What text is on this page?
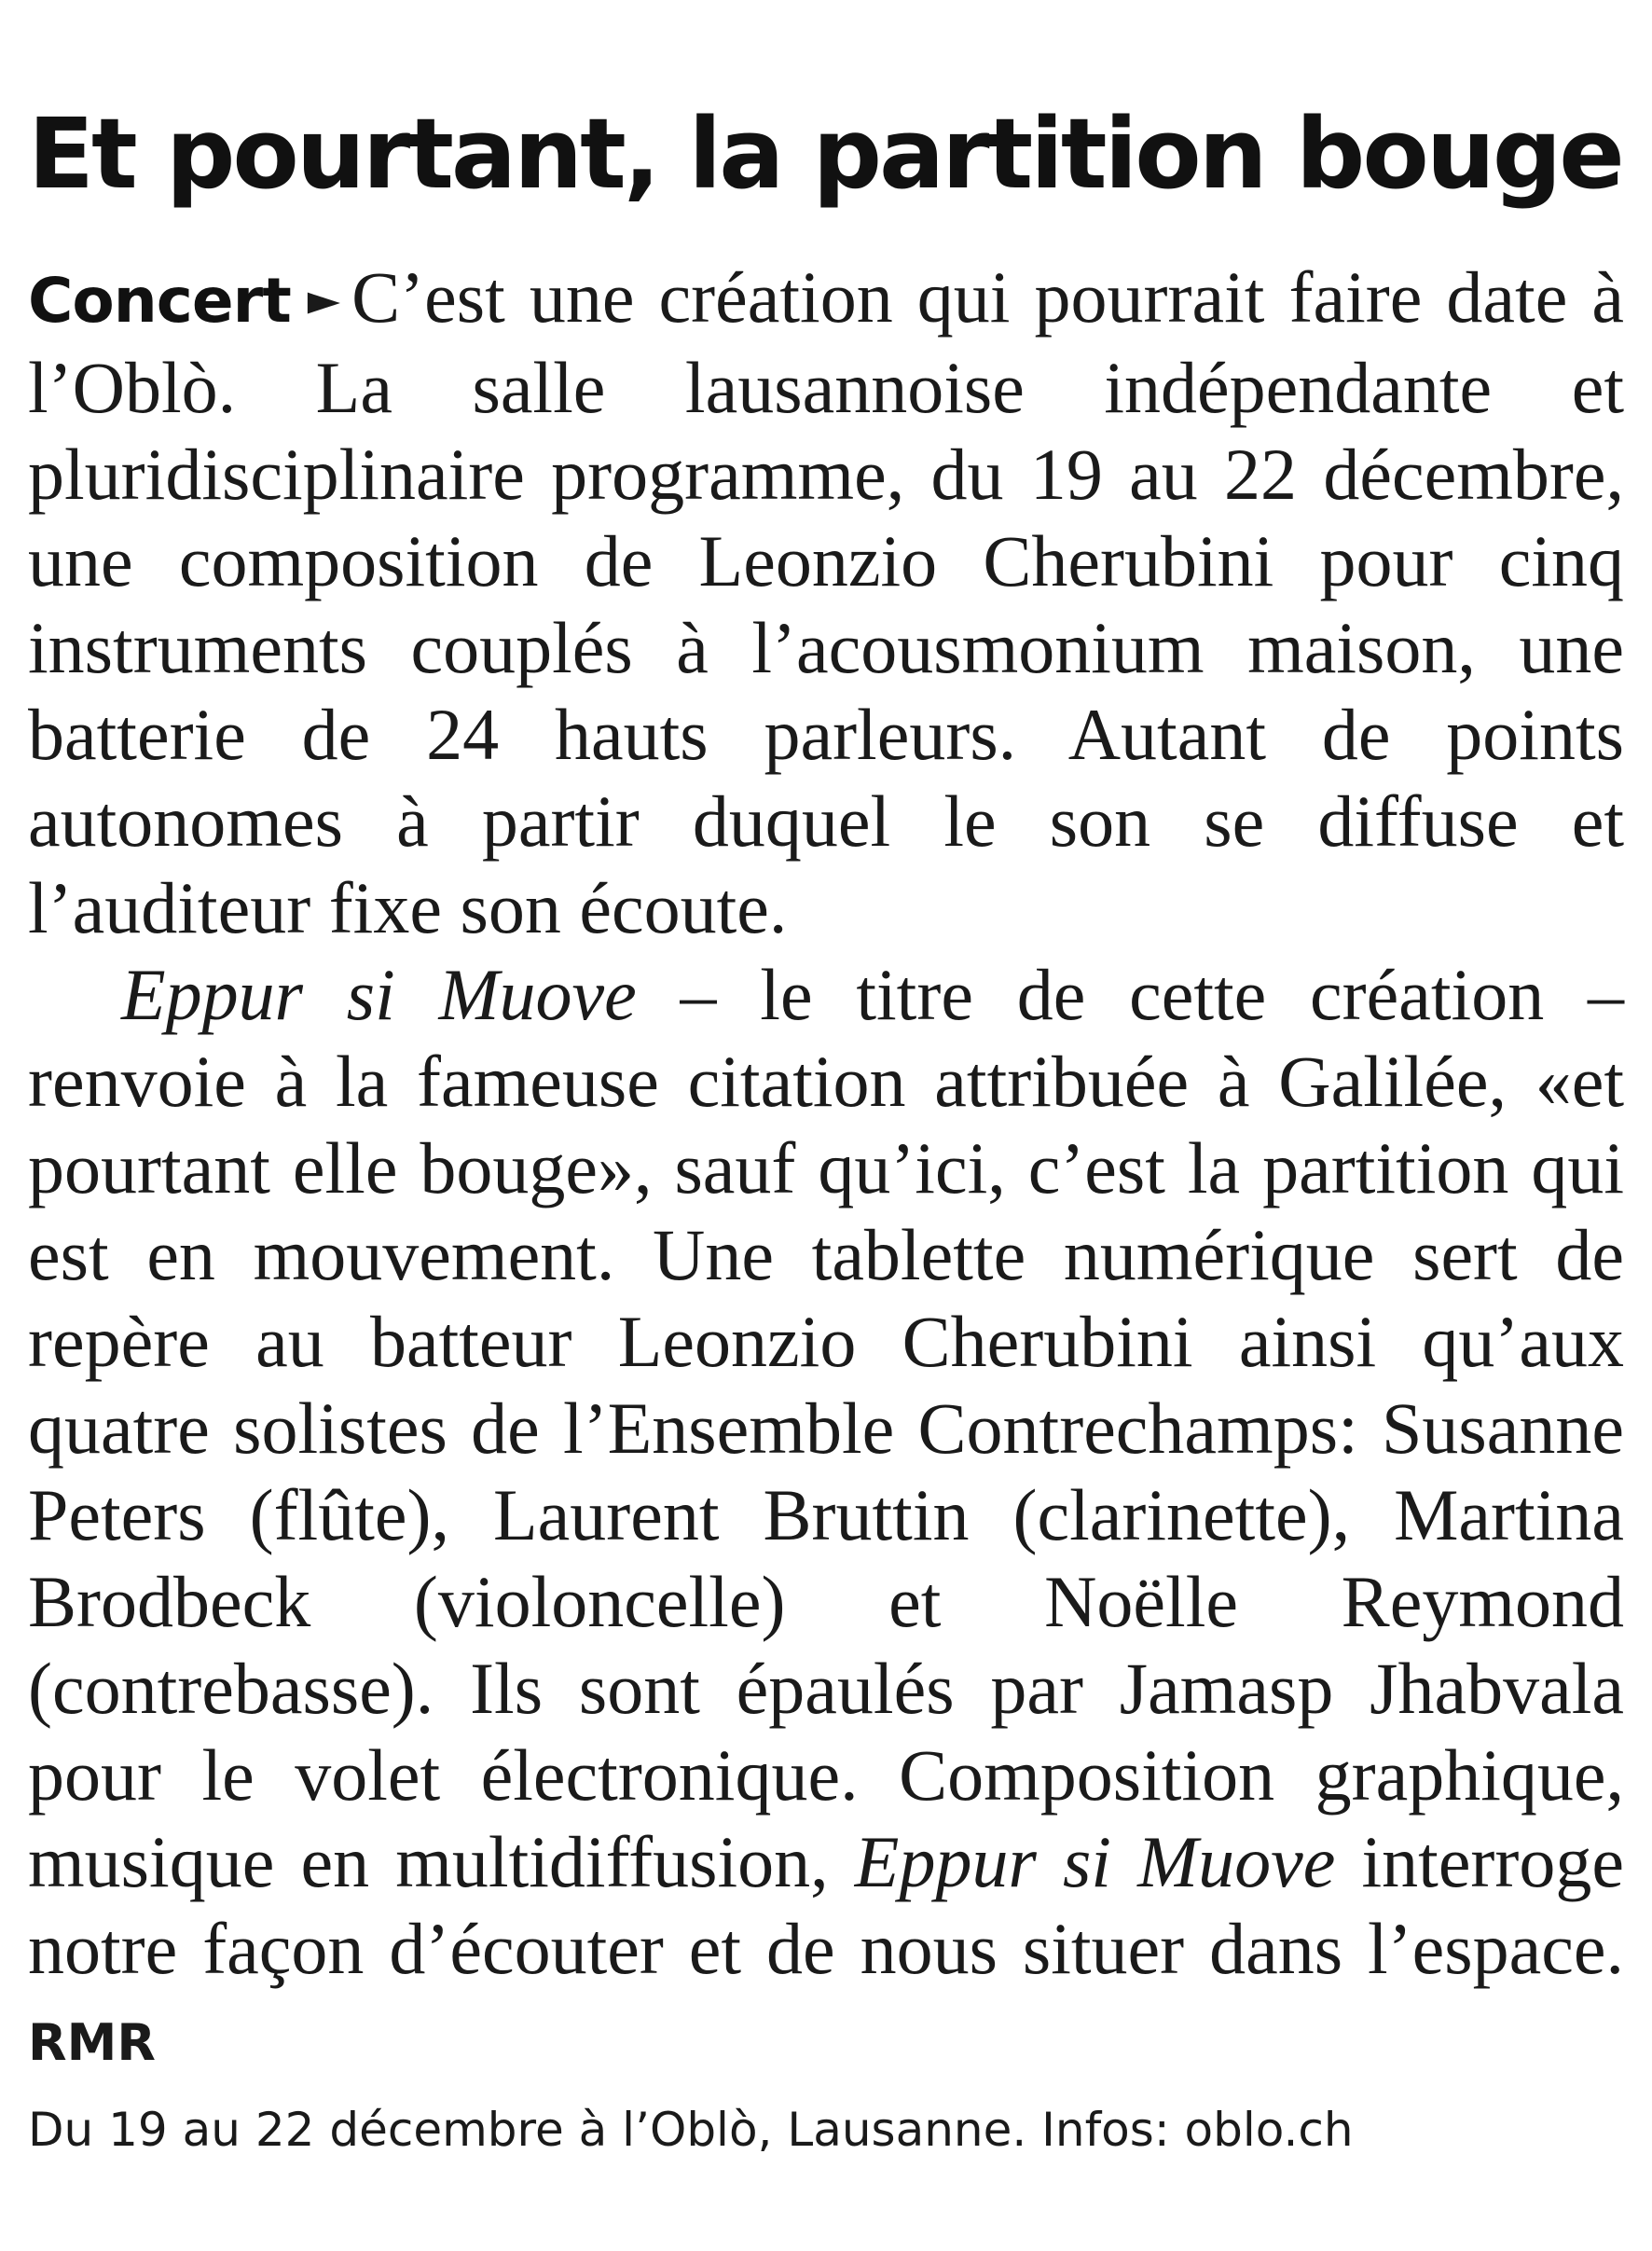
Et pourtant, la partition bouge

Concert ► C’est une création qui pourrait faire date à l’Oblò. La salle lausannoise indépendante et pluridisciplinaire programme, du 19 au 22 décembre, une composition de Leonzio Cherubini pour cinq instruments couplés à l’acousmonium maison, une batterie de 24 hauts parleurs. Autant de points autonomes à partir duquel le son se diffuse et l’auditeur fixe son écoute.

Eppur si Muove – le titre de cette création – renvoie à la fameuse citation attribuée à Galilée, «et pourtant elle bouge», sauf qu’ici, c’est la partition qui est en mouvement. Une tablette numérique sert de repère au batteur Leonzio Cherubini ainsi qu’aux quatre solistes de l’Ensemble Contrechamps: Susanne Peters (flûte), Laurent Bruttin (clarinette), Martina Brodbeck (violoncelle) et Noëlle Reymond (contrebasse). Ils sont épaulés par Jamasp Jhabvala pour le volet électronique. Composition graphique, musique en multidiffusion, Eppur si Muove interroge notre façon d’écouter et de nous situer dans l’espace. RMR

Du 19 au 22 décembre à l’Oblò, Lausanne. Infos: oblo.ch
